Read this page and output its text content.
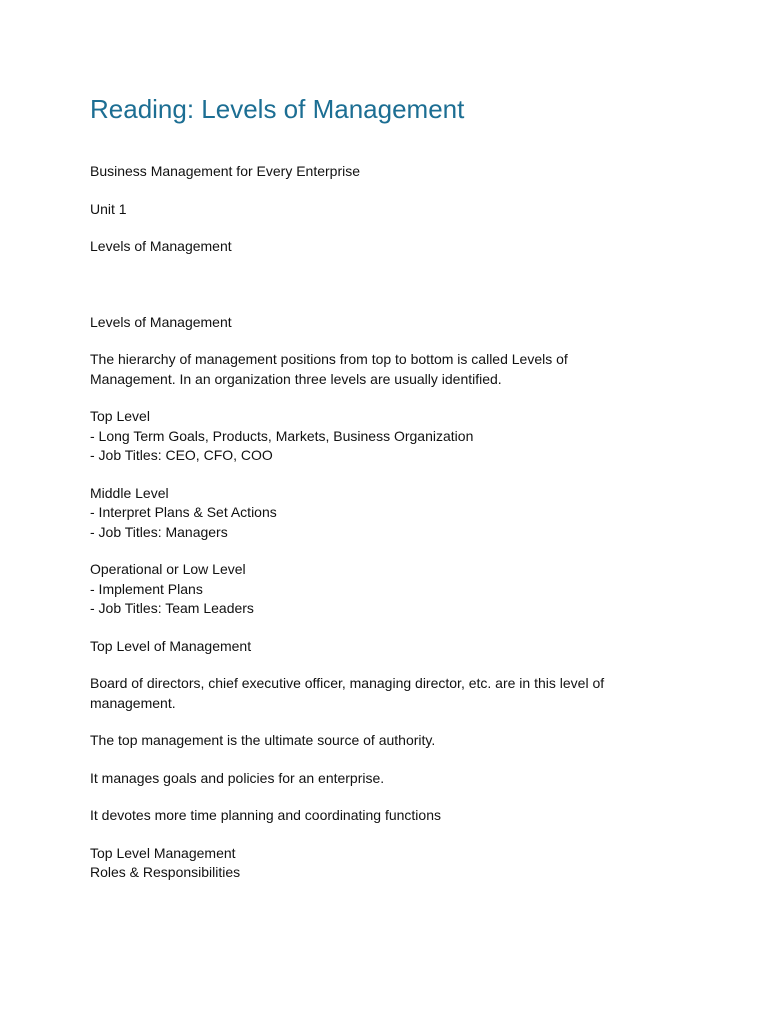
Reading: Levels of Management

Business Management for Every Enterprise

Unit 1

Levels of Management

Levels of Management

The hierarchy of management positions from top to bottom is called Levels of
Management. In an organization three levels are usually identified.

Top Level
- Long Term Goals, Products, Markets, Business Organization
- Job Titles: CEO, CFO, COO

Middle Level
- Interpret Plans & Set Actions
- Job Titles: Managers

Operational or Low Level
- Implement Plans
- Job Titles: Team Leaders

Top Level of Management

Board of directors, chief executive officer, managing director, etc. are in this level of
management.

The top management is the ultimate source of authority.

It manages goals and policies for an enterprise.

It devotes more time planning and coordinating functions

Top Level Management
Roles & Responsibilities
